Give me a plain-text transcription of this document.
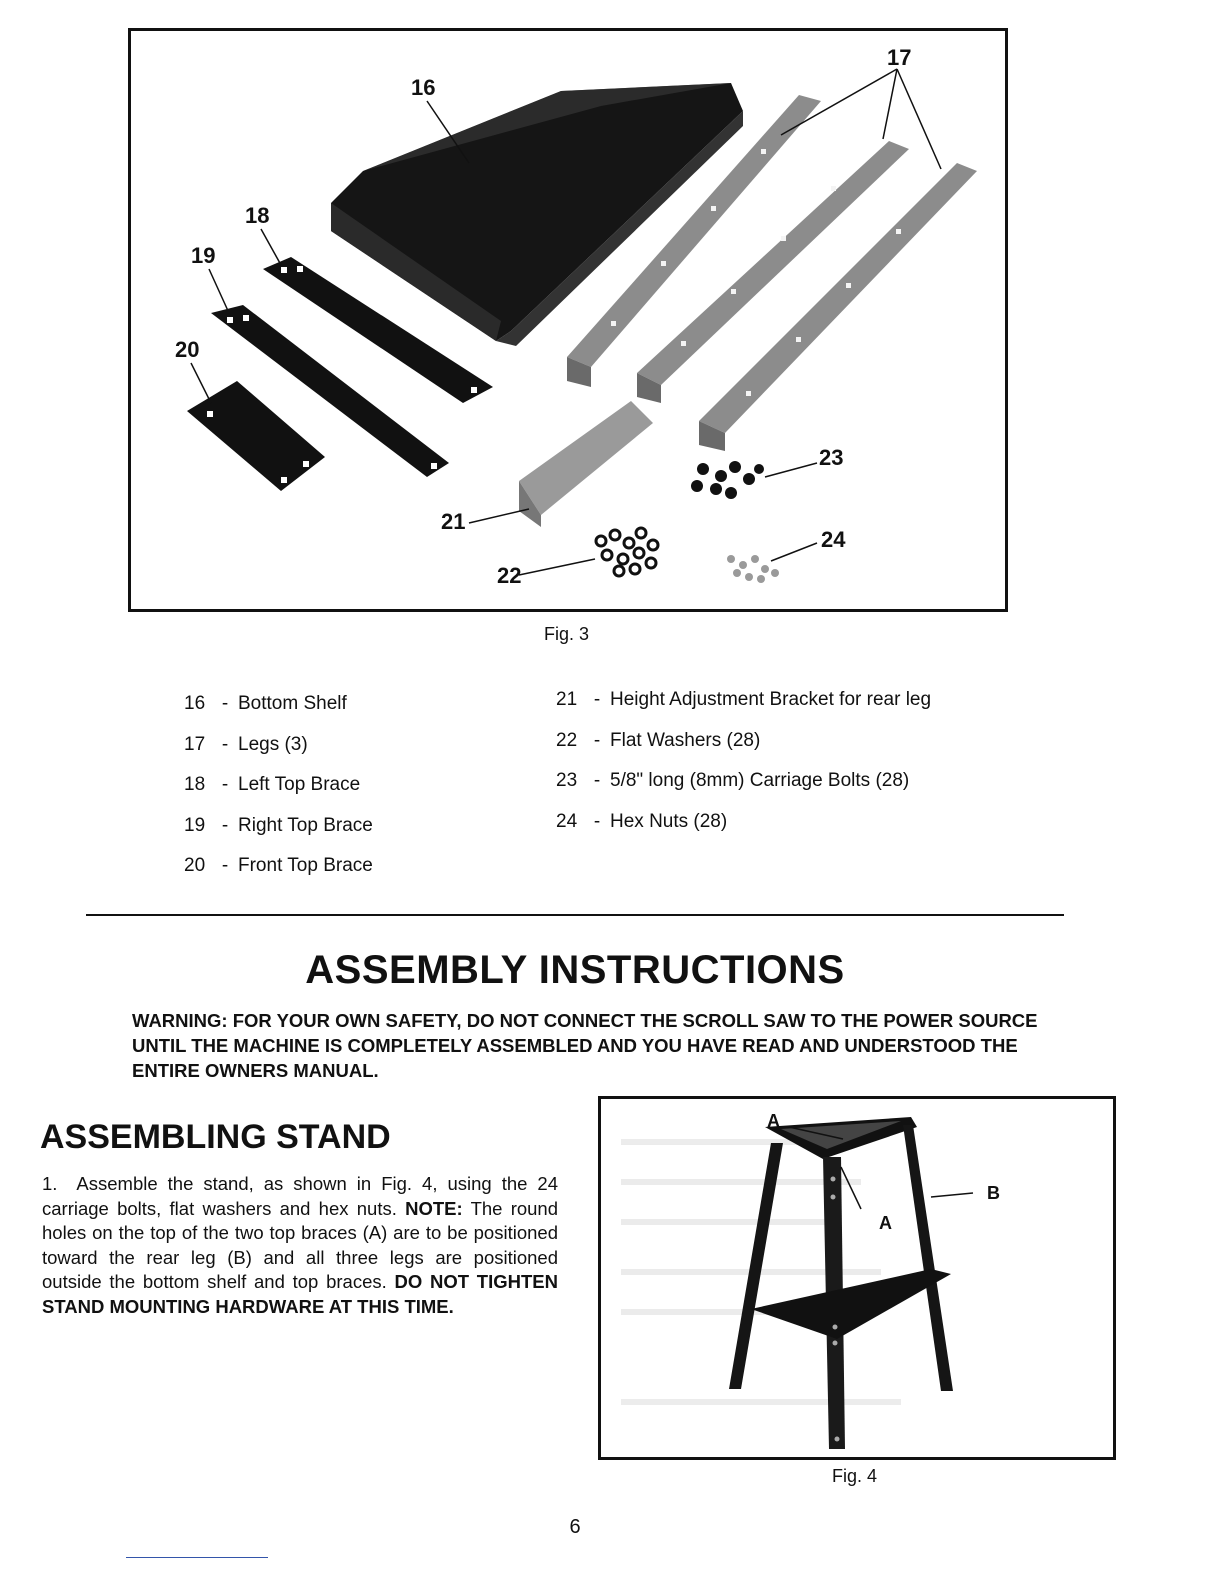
16
17
18
19
20
21
22
23
24
Fig. 3
16 - Bottom Shelf
17 - Legs (3)
18 - Left Top Brace
19 - Right Top Brace
20 - Front Top Brace
21 - Height Adjustment Bracket for rear leg
22 - Flat Washers (28)
23 - 5/8" long (8mm) Carriage Bolts (28)
24 - Hex Nuts (28)
ASSEMBLY INSTRUCTIONS
WARNING: FOR YOUR OWN SAFETY, DO NOT CONNECT THE SCROLL SAW TO THE POWER SOURCE UNTIL THE MACHINE IS COMPLETELY ASSEMBLED AND YOU HAVE READ AND UNDERSTOOD THE ENTIRE OWNERS MANUAL.
ASSEMBLING STAND
1. Assemble the stand, as shown in Fig. 4, using the 24 carriage bolts, flat washers and hex nuts. NOTE: The round holes on the top of the two top braces (A) are to be positioned toward the rear leg (B) and all three legs are positioned outside the bottom shelf and top braces. DO NOT TIGHTEN STAND MOUNTING HARDWARE AT THIS TIME.
A
A
B
Fig. 4
6
